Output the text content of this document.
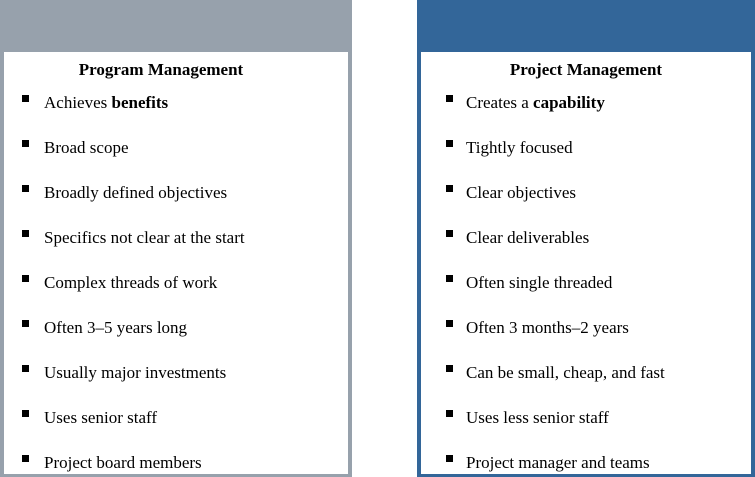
Program Management
Achieves benefits
Broad scope
Broadly defined objectives
Specifics not clear at the start
Complex threads of work
Often 3–5 years long
Usually major investments
Uses senior staff
Project board members
Project Management
Creates a capability
Tightly focused
Clear objectives
Clear deliverables
Often single threaded
Often 3 months–2 years
Can be small, cheap, and fast
Uses less senior staff
Project manager and teams
